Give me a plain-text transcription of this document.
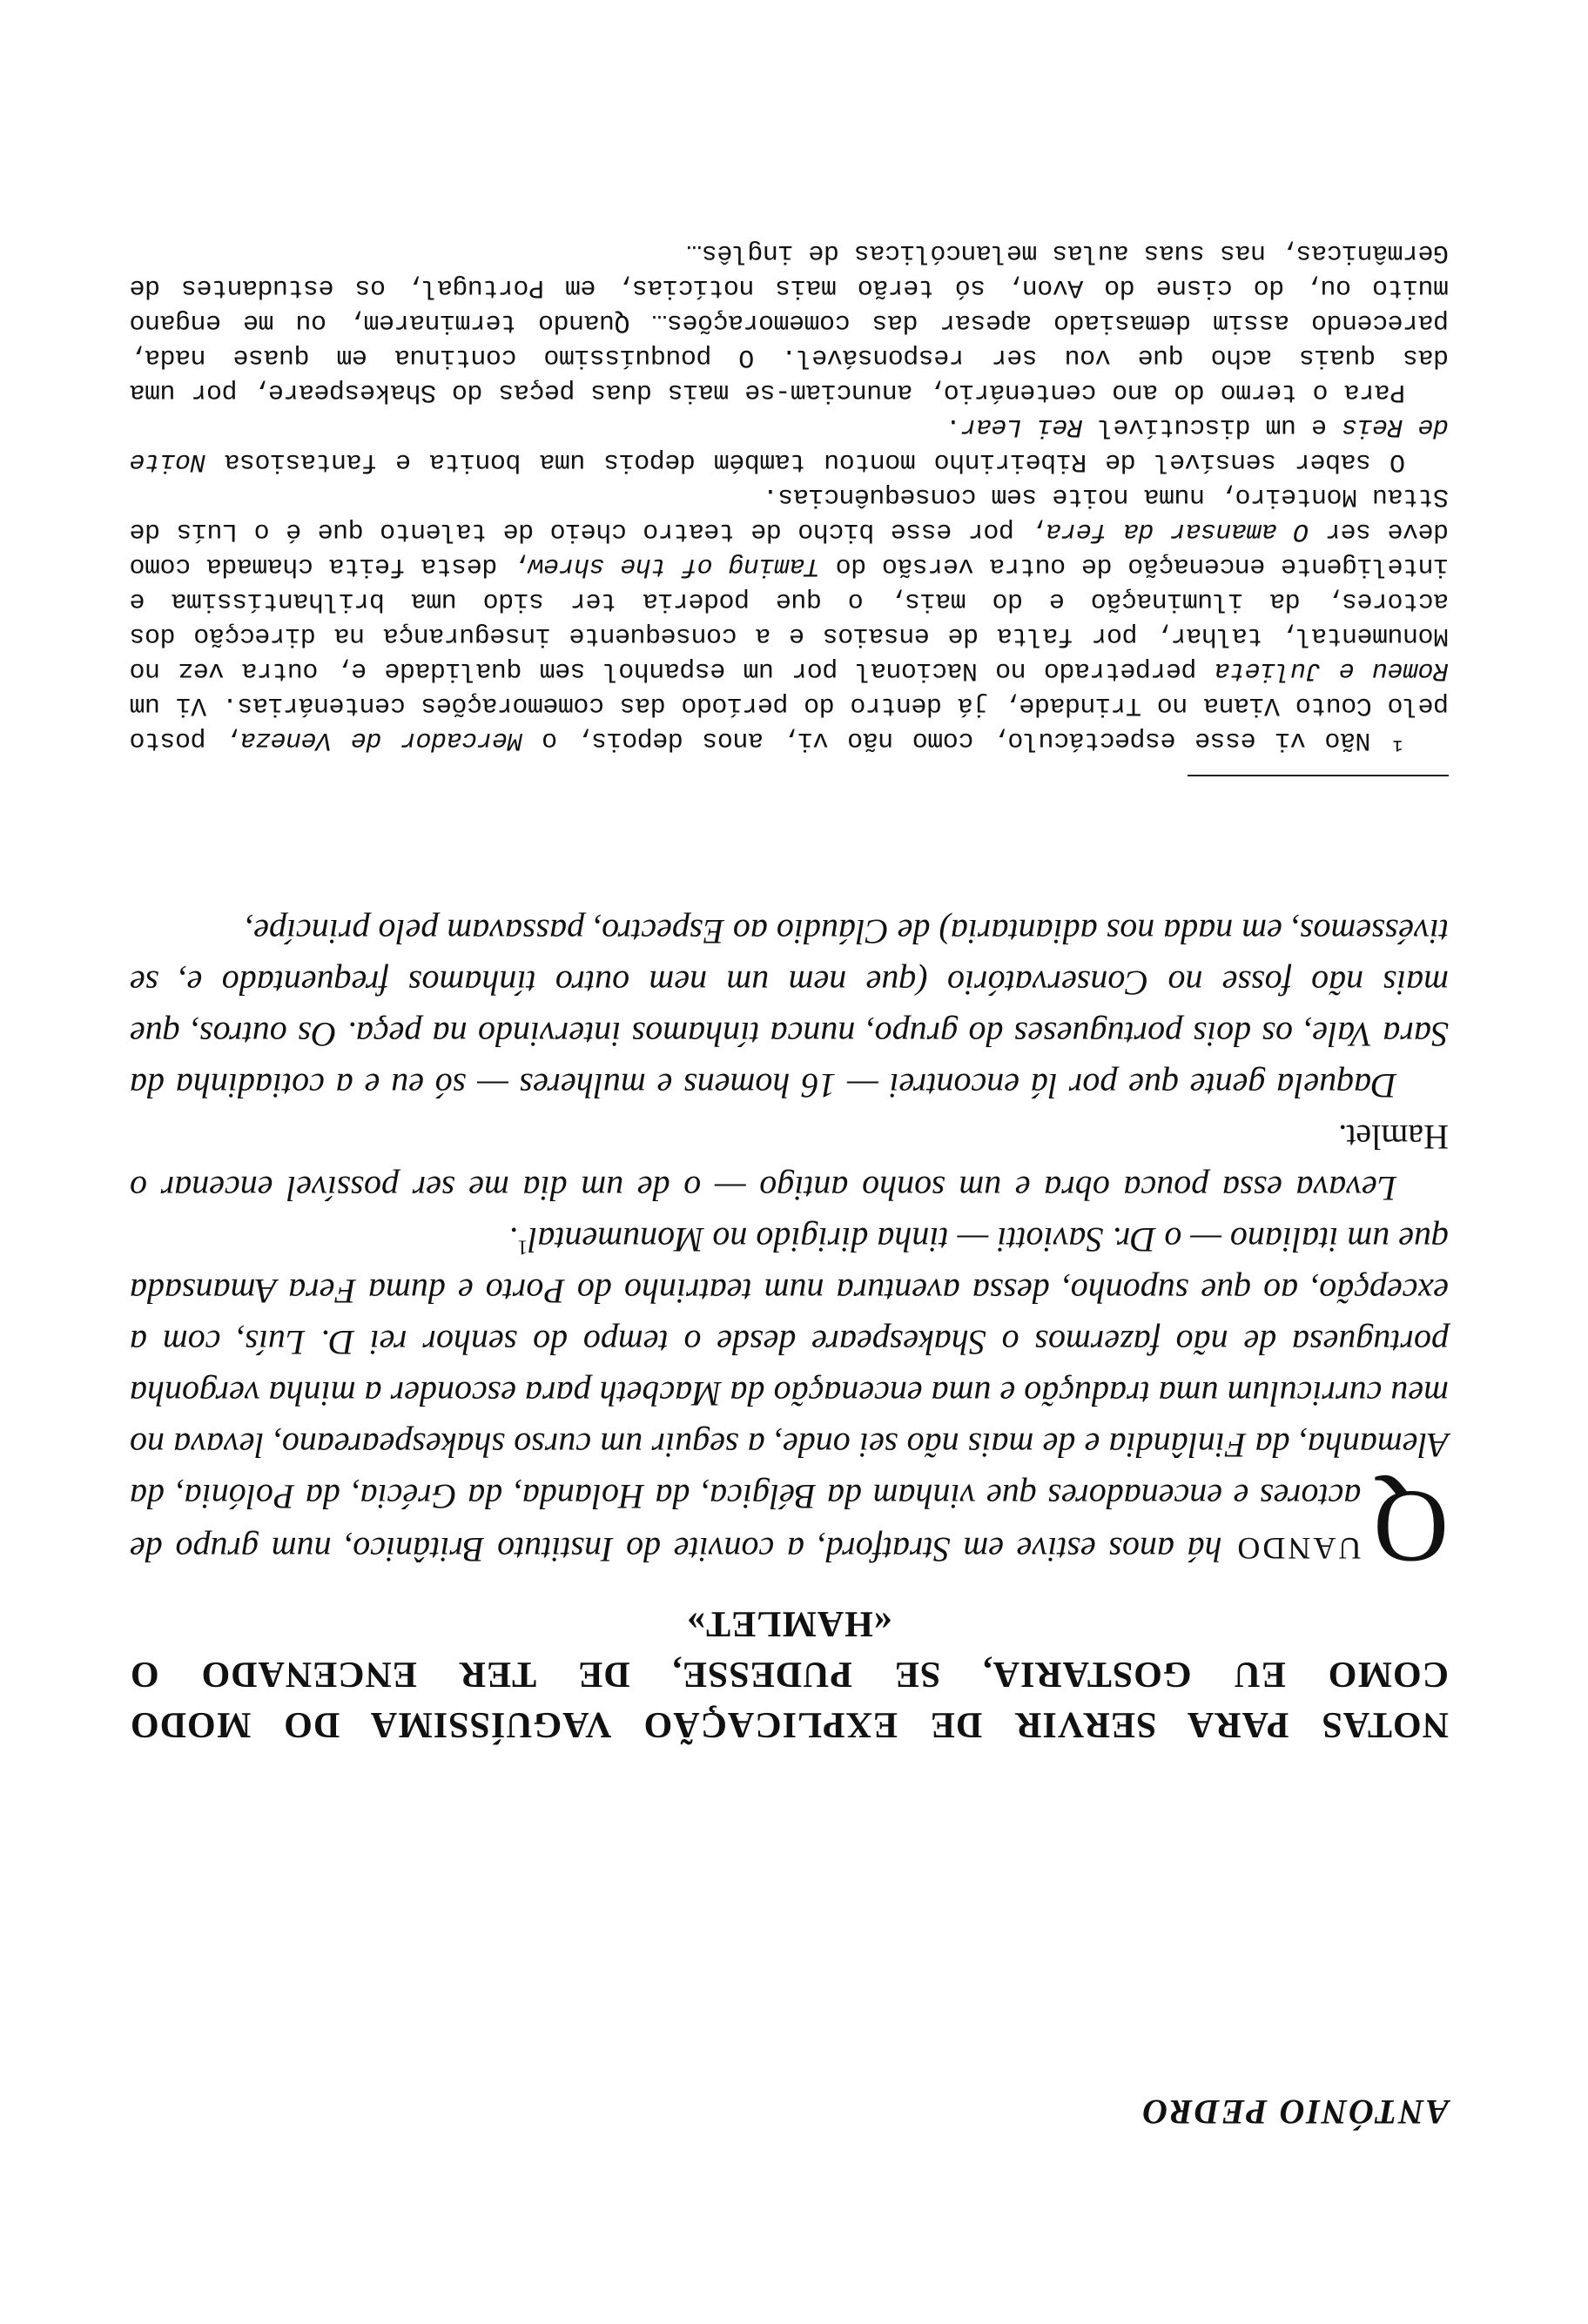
ANTÓNIO PEDRO
NOTAS PARA SERVIR DE EXPLICAÇÃO VAGUÍSSIMA DO MODO
COMO EU GOSTARIA, SE PUDESSE, DE TER ENCENADO O
«HAMLET»

Q
UANDO há anos estive em Stratford, a convite do Instituto Britânico, num grupo de actores e encenadores que vinham da Bélgica, da Holanda, da Grécia, da Polónia, da Alemanha, da Finlândia e de mais não sei onde, a seguir um curso shakespeareano, levava no meu curriculum uma tradução e uma encenação da Macbeth para esconder a minha vergonha portuguesa de não fazermos o Shakespeare desde o tempo do senhor rei D. Luís, com a excepção, ao que suponho, dessa aventura num teatrinho do Porto e duma Fera Amansada que um italiano — o Dr. Saviotti — tinha dirigido no Monumental$^1$.

Levava essa pouca obra e um sonho antigo — o de um dia me ser possível encenar o Hamlet.

Daquela gente que por lá encontrei — 16 homens e mulheres — só eu e a cotiadinha da Sara Vale, os dois portugueses do grupo, nunca tínhamos intervindo na peça. Os outros, que mais não fosse no Conservatório (que nem um nem outro tínhamos frequentado e, se tivéssemos, em nada nos adiantaria) de Cláudio ao Espectro, passavam pelo princípe,

¹ Não vi esse espectáculo, como não vi, anos depois, o Mercador de Veneza, posto pelo Couto Viana no Trindade, já dentro do período das comemorações centenárias. Vi um Romeu e Julieta perpetrado no Nacional por um espanhol sem qualidade e, outra vez no Monumental, talhar, por falta de ensaios e a consequente insegurança na direcção dos actores, da iluminação e do mais, o que poderia ter sido uma brilhantíssima e inteligente encenação de outra versão do Taming of the shrew, desta feita chamada como deve ser O amansar da fera, por esse bicho de teatro cheio de talento que é o Luís de Sttau Monteiro, numa noite sem consequências.

O saber sensível de Ribeirinho montou também depois uma bonita e fantasiosa Noite de Reis e um discutível Rei Lear.

Para o termo do ano centenário, anunciam-se mais duas peças do Shakespeare, por uma das quais acho que vou ser responsável. O pouquíssimo continua em quase nada, parecendo assim demasiado apesar das comemorações… Quando terminarem, ou me engano muito ou, do cisne do Avon, só terão mais notícias, em Portugal, os estudantes de Germânicas, nas suas aulas melancólicas de inglês…
